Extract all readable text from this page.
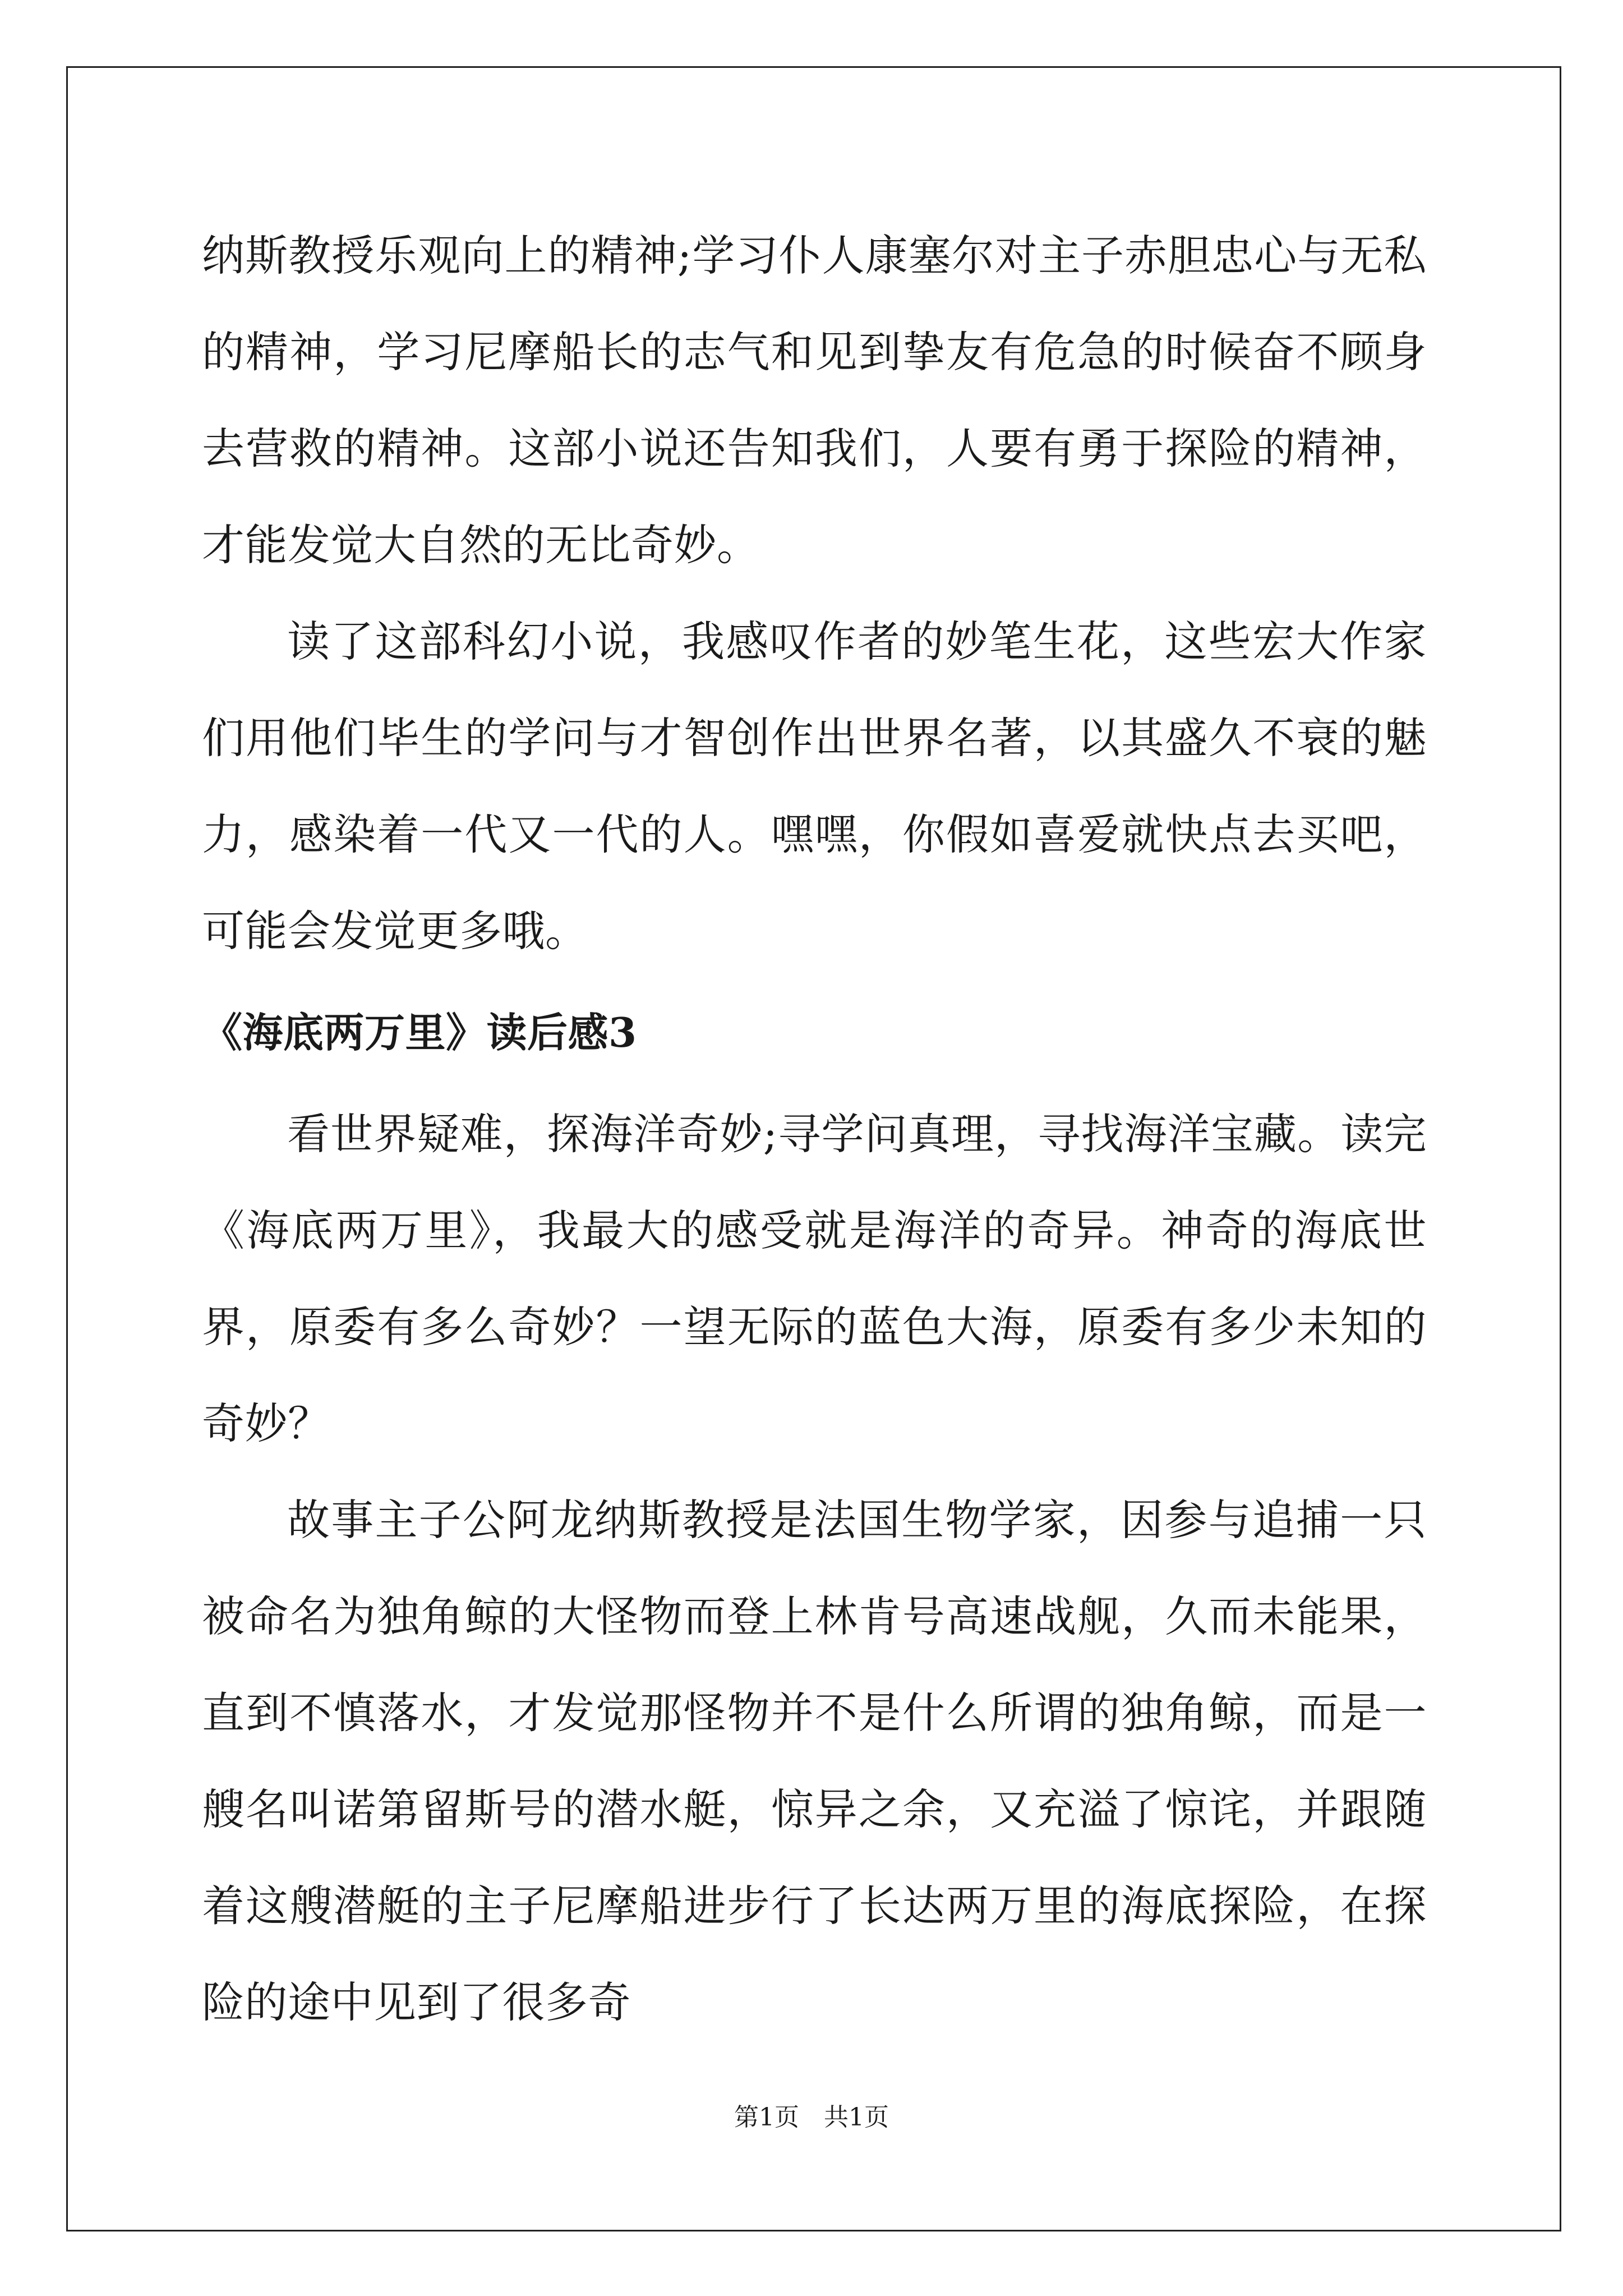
纳斯教授乐观向上的精神;学习仆人康塞尔对主子赤胆忠心与无私的精神，学习尼摩船长的志气和见到挚友有危急的时候奋不顾身去营救的精神。这部小说还告知我们，人要有勇于探险的精神，才能发觉大自然的无比奇妙。

读了这部科幻小说，我感叹作者的妙笔生花，这些宏大作家们用他们毕生的学问与才智创作出世界名著，以其盛久不衰的魅力，感染着一代又一代的人。嘿嘿，你假如喜爱就快点去买吧，可能会发觉更多哦。

《海底两万里》读后感3

看世界疑难，探海洋奇妙;寻学问真理，寻找海洋宝藏。读完《海底两万里》，我最大的感受就是海洋的奇异。神奇的海底世界，原委有多么奇妙？一望无际的蓝色大海，原委有多少未知的奇妙？

故事主子公阿龙纳斯教授是法国生物学家，因参与追捕一只被命名为独角鲸的大怪物而登上林肯号高速战舰，久而未能果，直到不慎落水，才发觉那怪物并不是什么所谓的独角鲸，而是一艘名叫诺第留斯号的潜水艇，惊异之余，又充溢了惊诧，并跟随着这艘潜艇的主子尼摩船进步行了长达两万里的海底探险，在探险的途中见到了很多奇

第1页 共1页
